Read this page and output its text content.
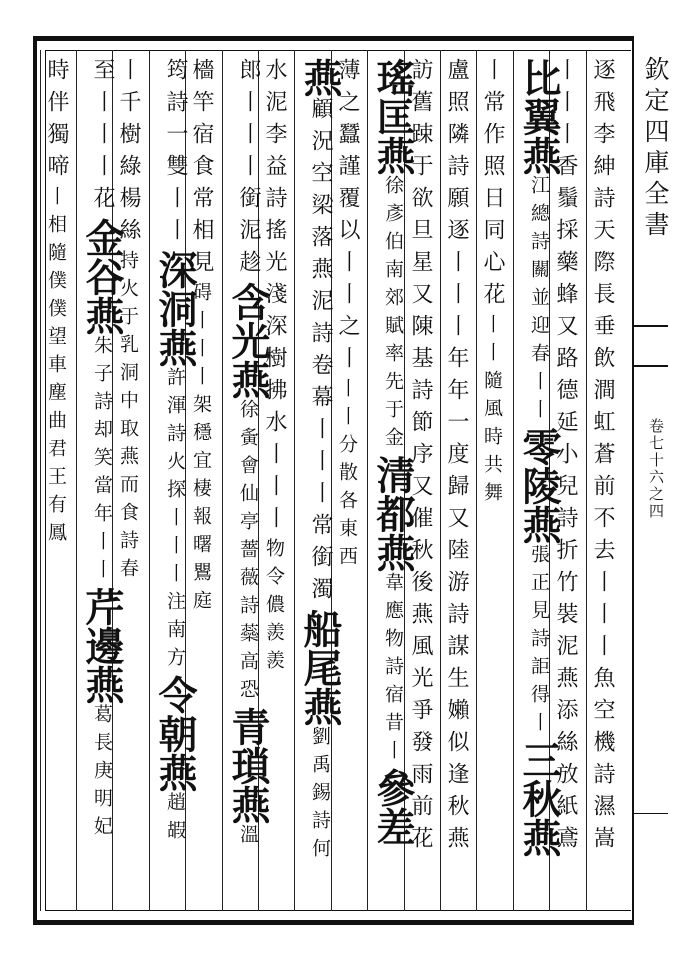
欽定四庫全書
卷七十六之四
逐飛李紳詩天際長垂飲澗虹蒼前不去丨丨丨魚空機詩濕嵩
丨丨丨香鬚採藥蜂又路德延小兒詩折竹裝泥燕添絲放紙鳶
比翼燕江總詩關並迎春丨丨零陵燕張正見詩詎得丨三秋燕
丨常作照日同心花丨丨隨風時共舞
盧照隣詩願逐丨丨丨年年一度歸又陸游詩謀生嬾似逢秋燕
訪舊踈于欲旦星又陳基詩節序又催秋後燕風光爭發雨前花
瑤匡燕徐彥伯南郊賦率先于金清都燕韋應物詩宿昔丨參差
薄之蠶謹覆以丨丨之丨丨丨分散各東西
燕顧況空梁落燕泥詩卷幕丨丨丨常銜濁船尾燕劉禹錫詩何
水泥李益詩搖光淺深樹拂水丨丨丨物令儂羨羨
郎丨丨丨銜泥趁含光燕徐夤會仙亭薔薇詩蘂高恐青瑣燕溫
檣竿宿食常相見碍丨丨丨架穩宜棲報曙鸎庭
筠詩一雙丨丨深洞燕許渾詩火探丨丨丨注南方令朝燕趙嘏
丨千樹綠楊絲持火于乳洞中取燕而食詩春
至丨丨丨花金谷燕朱子詩却笑當年丨丨芹邊燕葛長庚明妃
時伴獨啼丨相隨僕僕望車塵曲君王有鳳
